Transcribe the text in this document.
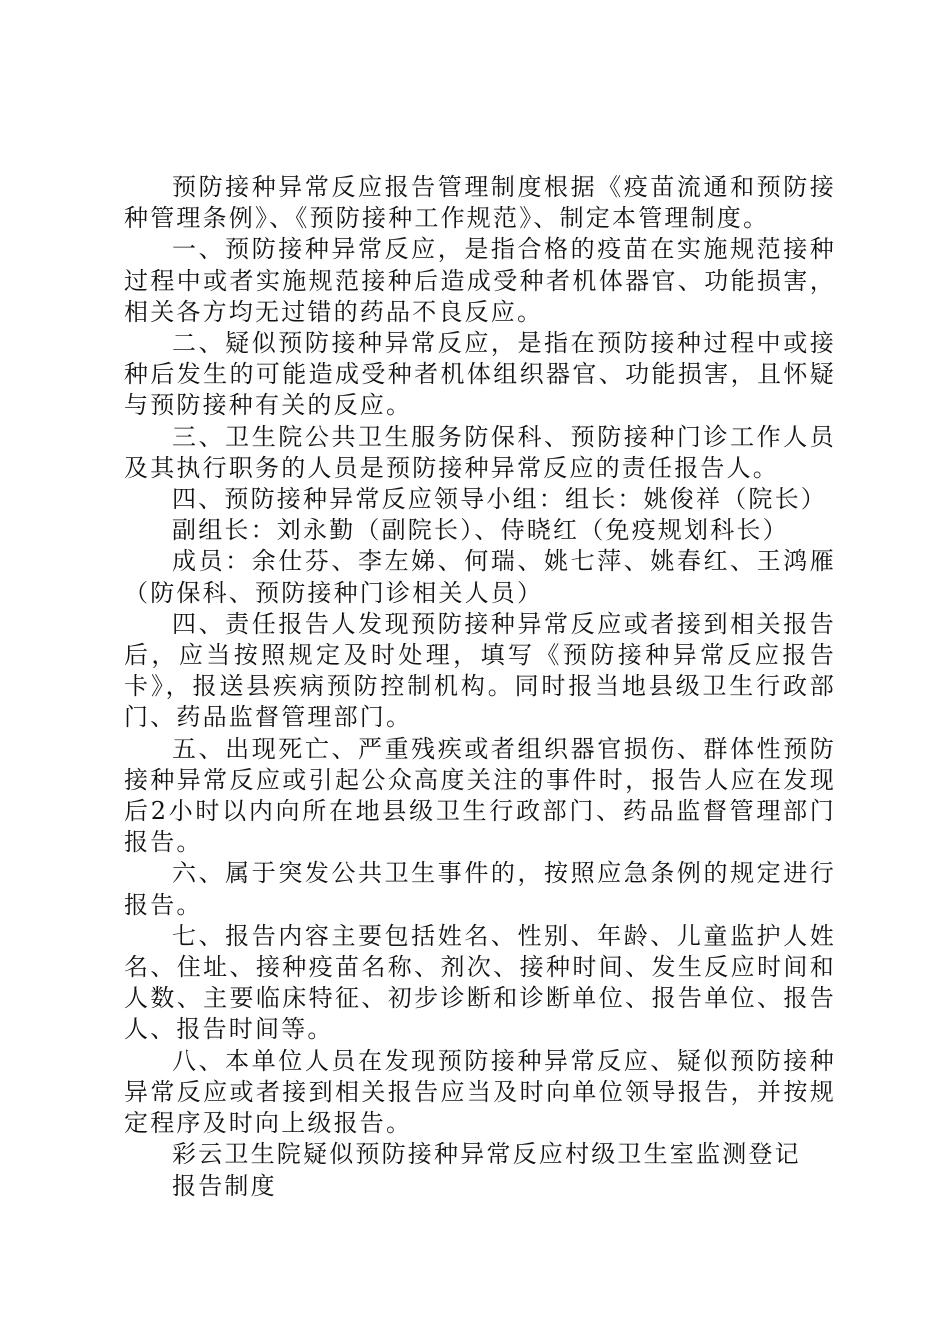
预防接种异常反应报告管理制度根据《疫苗流通和预防接种管理条例》、《预防接种工作规范》、制定本管理制度。

一、预防接种异常反应，是指合格的疫苗在实施规范接种过程中或者实施规范接种后造成受种者机体器官、功能损害，相关各方均无过错的药品不良反应。

二、疑似预防接种异常反应，是指在预防接种过程中或接种后发生的可能造成受种者机体组织器官、功能损害，且怀疑与预防接种有关的反应。

三、卫生院公共卫生服务防保科、预防接种门诊工作人员及其执行职务的人员是预防接种异常反应的责任报告人。

四、预防接种异常反应领导小组：组长：姚俊祥（院长）

副组长：刘永勤（副院长）、侍晓红（免疫规划科长）

成员：余仕芬、李左娣、何瑞、姚七萍、姚春红、王鸿雁（防保科、预防接种门诊相关人员）

四、责任报告人发现预防接种异常反应或者接到相关报告后，应当按照规定及时处理，填写《预防接种异常反应报告卡》，报送县疾病预防控制机构。同时报当地县级卫生行政部门、药品监督管理部门。

五、出现死亡、严重残疾或者组织器官损伤、群体性预防接种异常反应或引起公众高度关注的事件时，报告人应在发现后2小时以内向所在地县级卫生行政部门、药品监督管理部门报告。

六、属于突发公共卫生事件的，按照应急条例的规定进行报告。

七、报告内容主要包括姓名、性别、年龄、儿童监护人姓名、住址、接种疫苗名称、剂次、接种时间、发生反应时间和人数、主要临床特征、初步诊断和诊断单位、报告单位、报告人、报告时间等。

八、本单位人员在发现预防接种异常反应、疑似预防接种异常反应或者接到相关报告应当及时向单位领导报告，并按规定程序及时向上级报告。

彩云卫生院疑似预防接种异常反应村级卫生室监测登记

报告制度
